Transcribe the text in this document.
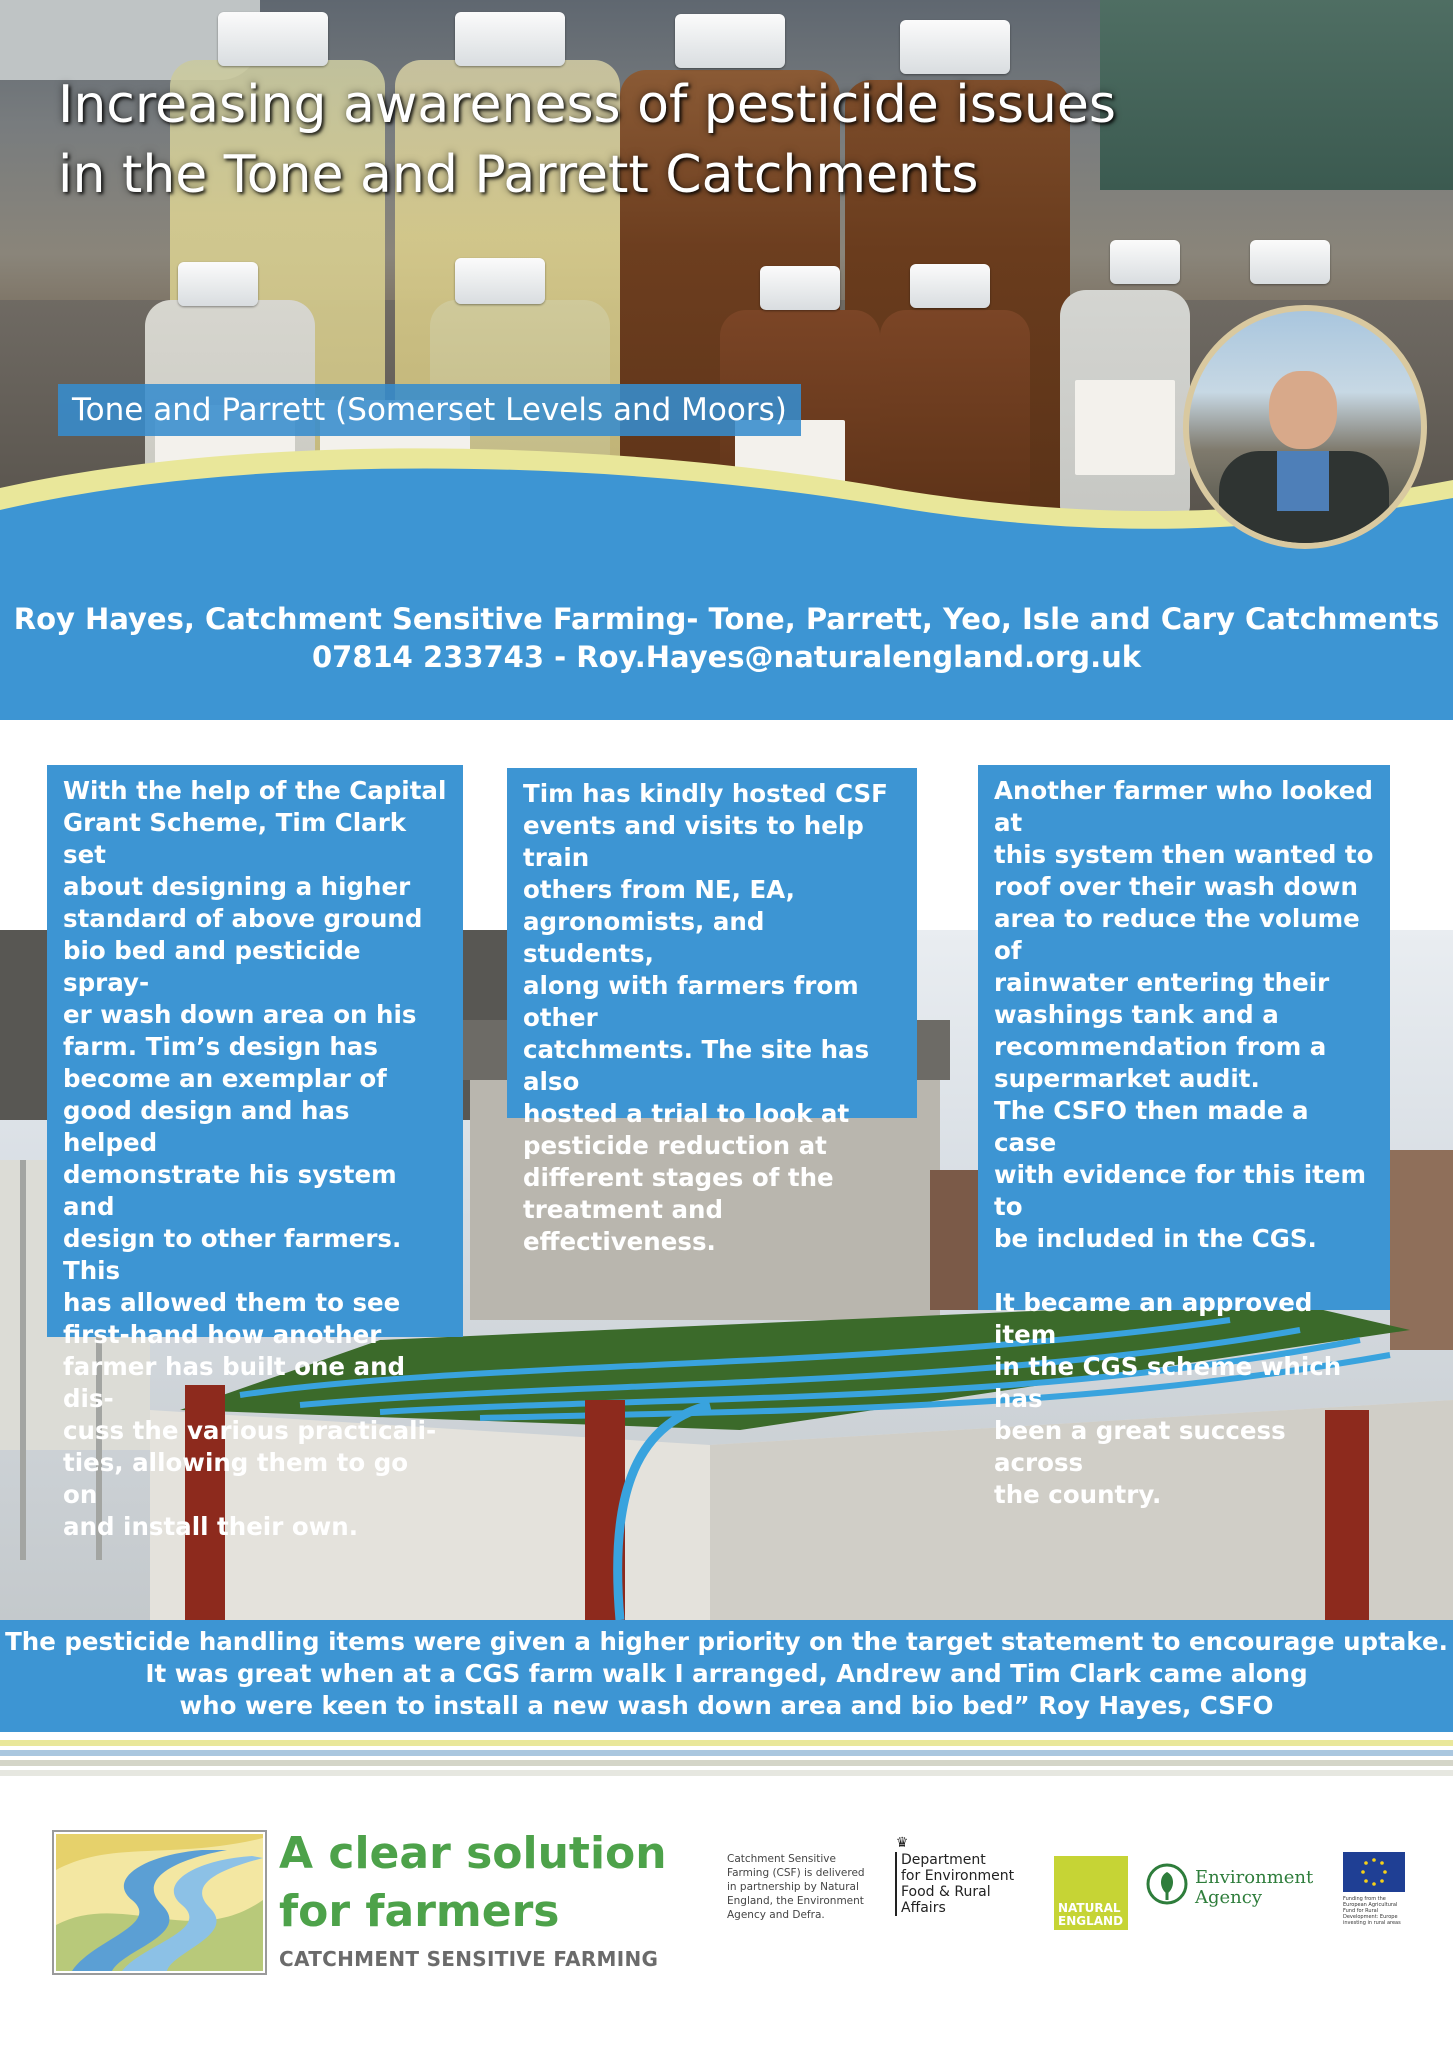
Increasing awareness of pesticide issues
in the Tone and Parrett Catchments
Tone and Parrett (Somerset Levels and Moors)
Roy Hayes, Catchment Sensitive Farming- Tone, Parrett, Yeo, Isle and Cary Catchments
07814 233743 - Roy.Hayes@naturalengland.org.uk

With the help of the Capital

Grant Scheme, Tim Clark set

about designing a higher

standard of above ground

bio bed and pesticide spray-

er wash down area on his

farm. Tim’s design has

become an exemplar of

good design and has helped

demonstrate his system and

design to other farmers. This

has allowed them to see

first-hand how another

farmer has built one and dis-

cuss the various practicali-

ties, allowing them to go on

and install their own.

Tim has kindly hosted CSF

events and visits to help train

others from NE, EA,

agronomists, and students,

along with farmers from other

catchments. The site has also

hosted a trial to look at

pesticide reduction at

different stages of the

treatment and effectiveness.

Another farmer who looked at

this system then wanted to

roof over their wash down

area to reduce the volume of

rainwater entering their

washings tank and a

recommendation from a

supermarket audit.

The CSFO then made a case

with evidence for this item to

be included in the CGS.

It became an approved item

in the CGS scheme which has

been a great success across

the country.

The pesticide handling items were given a higher priority on the target statement to encourage uptake.
It was great when at a CGS farm walk I arranged, Andrew and Tim Clark came along
who were keen to install a new wash down area and bio bed” Roy Hayes, CSFO
A clear solution
for farmers
CATCHMENT SENSITIVE FARMING
Catchment Sensitive Farming (CSF) is delivered in partnership by Natural England, the Environment Agency and Defra.
♛
Department
for Environment
Food & Rural Affairs	NATURAL
ENGLAND
Environment
Agency	Funding from the European Agricultural Fund for Rural Development: Europe investing in rural areas
